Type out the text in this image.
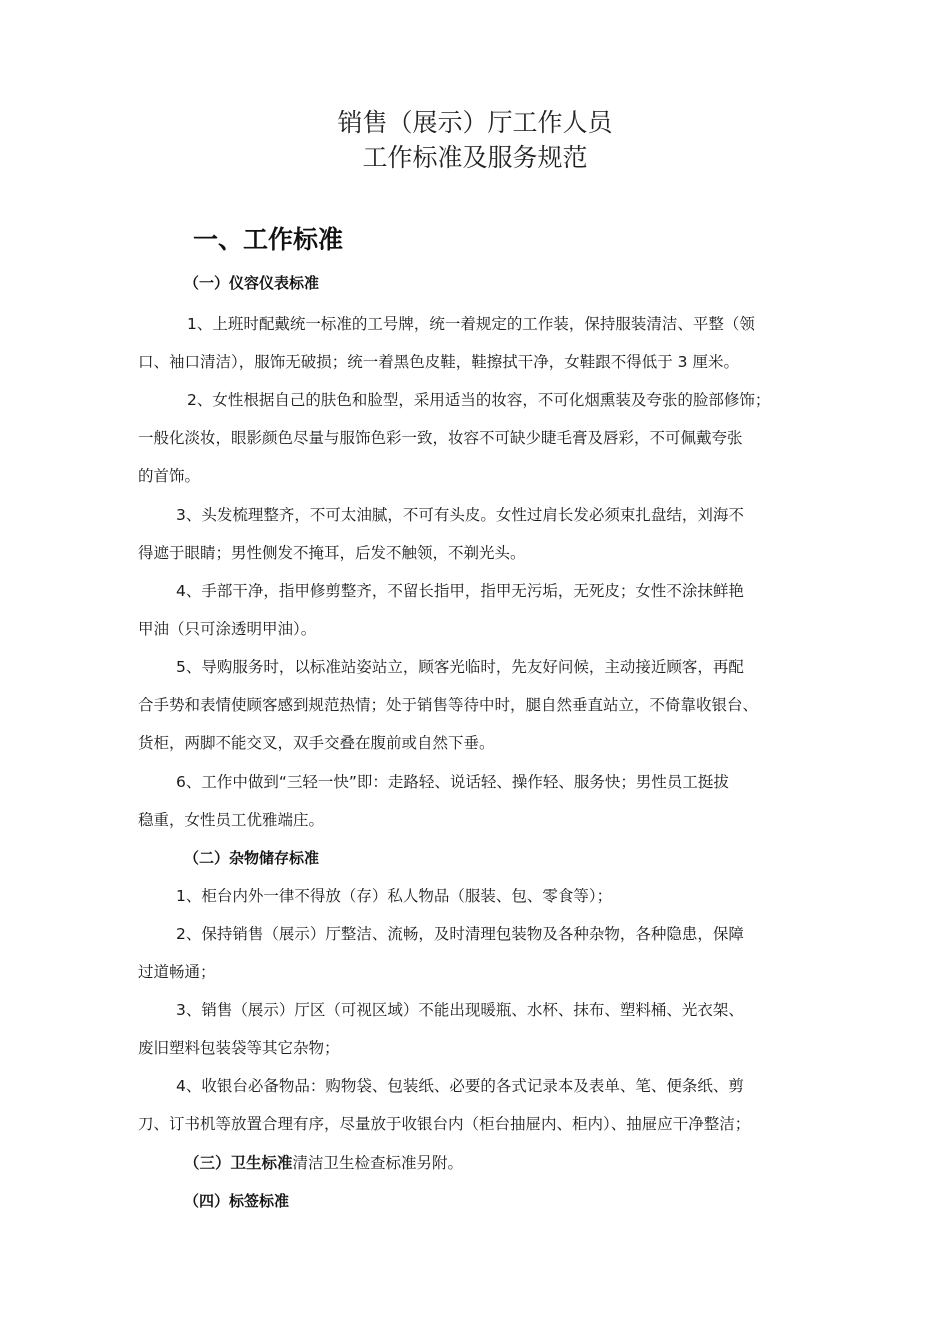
销售（展示）厅工作人员
工作标准及服务规范
一、工作标准
（一）仪容仪表标准
1、上班时配戴统一标准的工号牌，统一着规定的工作装，保持服装清洁、平整（领
口、袖口清洁），服饰无破损；统一着黑色皮鞋，鞋擦拭干净，女鞋跟不得低于 3 厘米。
2、女性根据自己的肤色和脸型，采用适当的妆容，不可化烟熏装及夸张的脸部修饰；
一般化淡妆，眼影颜色尽量与服饰色彩一致，妆容不可缺少睫毛膏及唇彩，不可佩戴夸张
的首饰。
3、头发梳理整齐，不可太油腻，不可有头皮。女性过肩长发必须束扎盘结，刘海不
得遮于眼睛；男性侧发不掩耳，后发不触领，不剃光头。
4、手部干净，指甲修剪整齐，不留长指甲，指甲无污垢，无死皮；女性不涂抹鲜艳
甲油（只可涂透明甲油）。
5、导购服务时，以标准站姿站立，顾客光临时，先友好问候，主动接近顾客，再配
合手势和表情使顾客感到规范热情；处于销售等待中时，腿自然垂直站立，不倚靠收银台、
货柜，两脚不能交叉，双手交叠在腹前或自然下垂。
6、工作中做到“三轻一快”即：走路轻、说话轻、操作轻、服务快；男性员工挺拔
稳重，女性员工优雅端庄。
（二）杂物储存标准
1、柜台内外一律不得放（存）私人物品（服装、包、零食等）；
2、保持销售（展示）厅整洁、流畅，及时清理包装物及各种杂物，各种隐患，保障
过道畅通；
3、销售（展示）厅区（可视区域）不能出现暖瓶、水杯、抹布、塑料桶、光衣架、
废旧塑料包装袋等其它杂物；
4、收银台必备物品：购物袋、包装纸、必要的各式记录本及表单、笔、便条纸、剪
刀、订书机等放置合理有序，尽量放于收银台内（柜台抽屉内、柜内）、抽屉应干净整洁；
（三）卫生标准清洁卫生检查标准另附。
（四）标签标准
